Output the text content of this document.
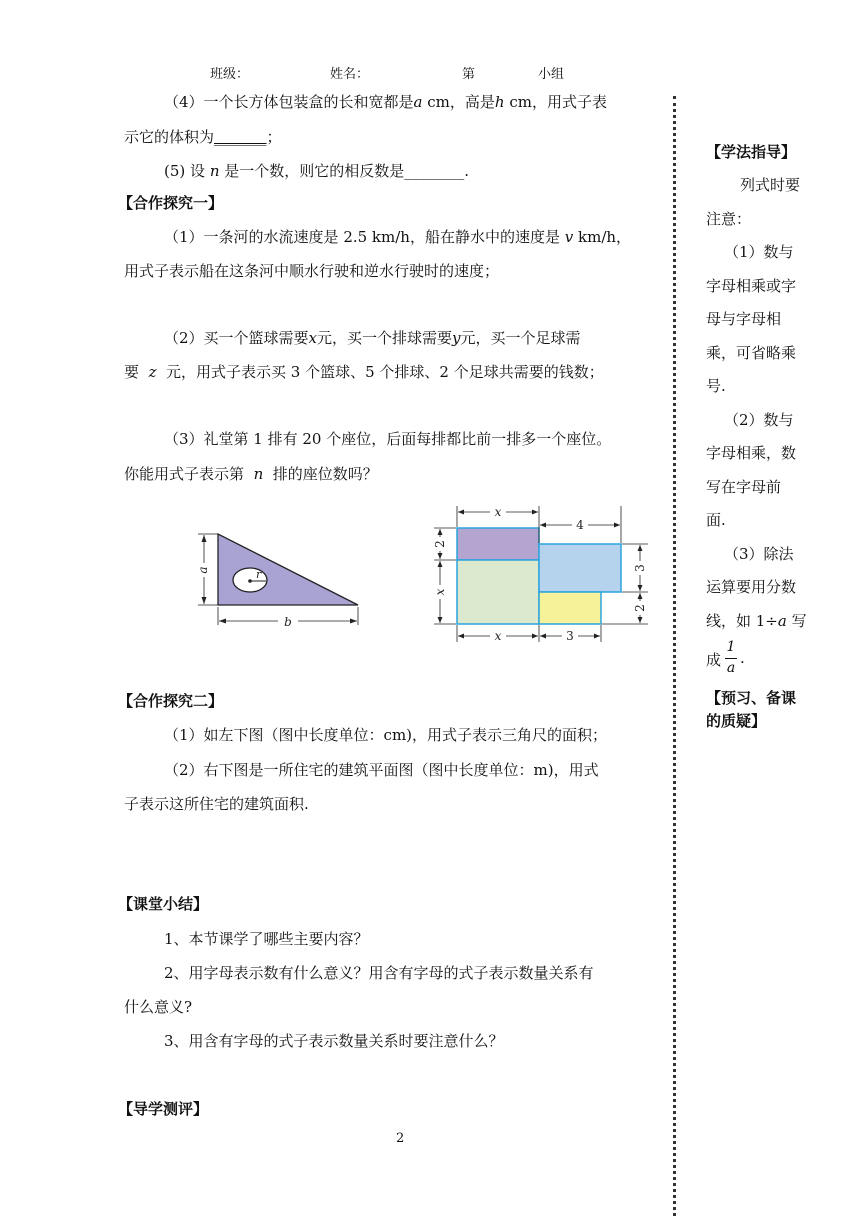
班级：	姓名：	第	小组
（4）一个长方体包装盒的长和宽都是a cm，高是h cm，用式子表
示它的体积为_______；
(5) 设 n 是一个数，则它的相反数是________.
【合作探究一】
（1）一条河的水流速度是 2.5 km/h，船在静水中的速度是 v km/h，
用式子表示船在这条河中顺水行驶和逆水行驶时的速度；
（2）买一个篮球需要x元，买一个排球需要y元，买一个足球需
要 z 元，用式子表示买 3 个篮球、5 个排球、2 个足球共需要的钱数；
（3）礼堂第 1 排有 20 个座位，后面每排都比前一排多一个座位。
你能用式子表示第 n 排的座位数吗？
【合作探究二】
（1）如左下图（图中长度单位：cm)，用式子表示三角尺的面积；
（2）右下图是一所住宅的建筑平面图（图中长度单位：m)，用式
子表示这所住宅的建筑面积.
【课堂小结】
1、本节课学了哪些主要内容？
2、用字母表示数有什么意义？用含有字母的式子表示数量关系有
什么意义?
3、用含有字母的式子表示数量关系时要注意什么？
【导学测评】
r
a
b
x
4
2
x
3
2
x	3
【学法指导】
列式时要
注意：
（1）数与
字母相乘或字
母与字母相
乘，可省略乘
号.
（2）数与
字母相乘，数
写在字母前
面.
（3）除法
运算要用分数
线，如 1÷a 写
成
1
a
.
【预习、备课
的质疑】
2
